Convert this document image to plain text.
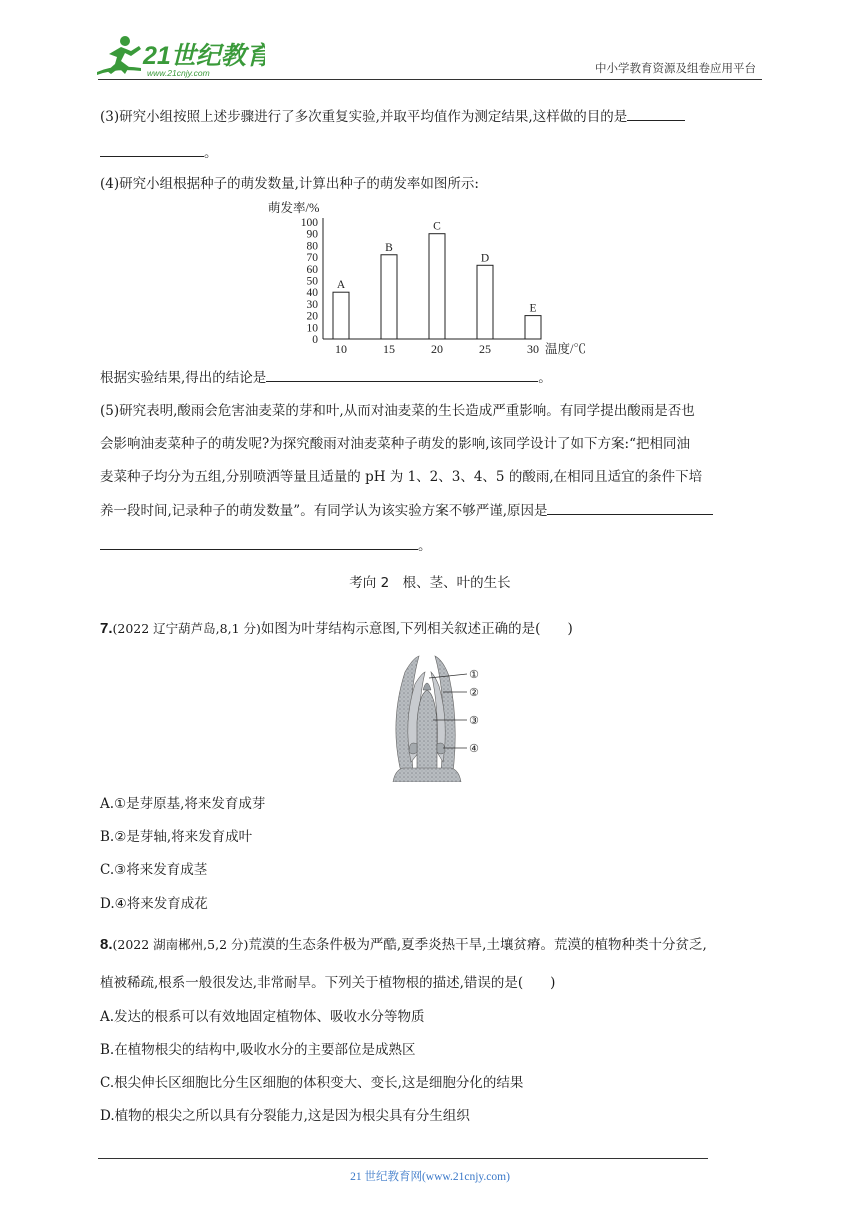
21世纪教育
www.21cnjy.com	中小学教育资源及组卷应用平台
(3)研究小组按照上述步骤进行了多次重复实验,并取平均值作为测定结果,这样做的目的是
。
(4)研究小组根据种子的萌发数量,计算出种子的萌发率如图所示:
萌发率/%
0
10
20
30
40
50
60
70
80
90
100
A
B
C
D
E
10	15	20	25	30 温度/℃
根据实验结果,得出的结论是	。
(5)研究表明,酸雨会危害油麦菜的芽和叶,从而对油麦菜的生长造成严重影响。有同学提出酸雨是否也
会影响油麦菜种子的萌发呢?为探究酸雨对油麦菜种子萌发的影响,该同学设计了如下方案:“把相同油
麦菜种子均分为五组,分别喷洒等量且适量的 pH 为 1、2、3、4、5 的酸雨,在相同且适宜的条件下培
养一段时间,记录种子的萌发数量”。有同学认为该实验方案不够严谨,原因是
。
考向 2　根、茎、叶的生长
7.(2022 辽宁葫芦岛,8,1 分)如图为叶芽结构示意图,下列相关叙述正确的是(　　)
①
②
③
④
A.①是芽原基,将来发育成芽
B.②是芽轴,将来发育成叶
C.③将来发育成茎
D.④将来发育成花
8.(2022 湖南郴州,5,2 分)荒漠的生态条件极为严酷,夏季炎热干旱,土壤贫瘠。荒漠的植物种类十分贫乏,
植被稀疏,根系一般很发达,非常耐旱。下列关于植物根的描述,错误的是(　　)
A.发达的根系可以有效地固定植物体、吸收水分等物质
B.在植物根尖的结构中,吸收水分的主要部位是成熟区
C.根尖伸长区细胞比分生区细胞的体积变大、变长,这是细胞分化的结果
D.植物的根尖之所以具有分裂能力,这是因为根尖具有分生组织
21 世纪教育网(www.21cnjy.com)
